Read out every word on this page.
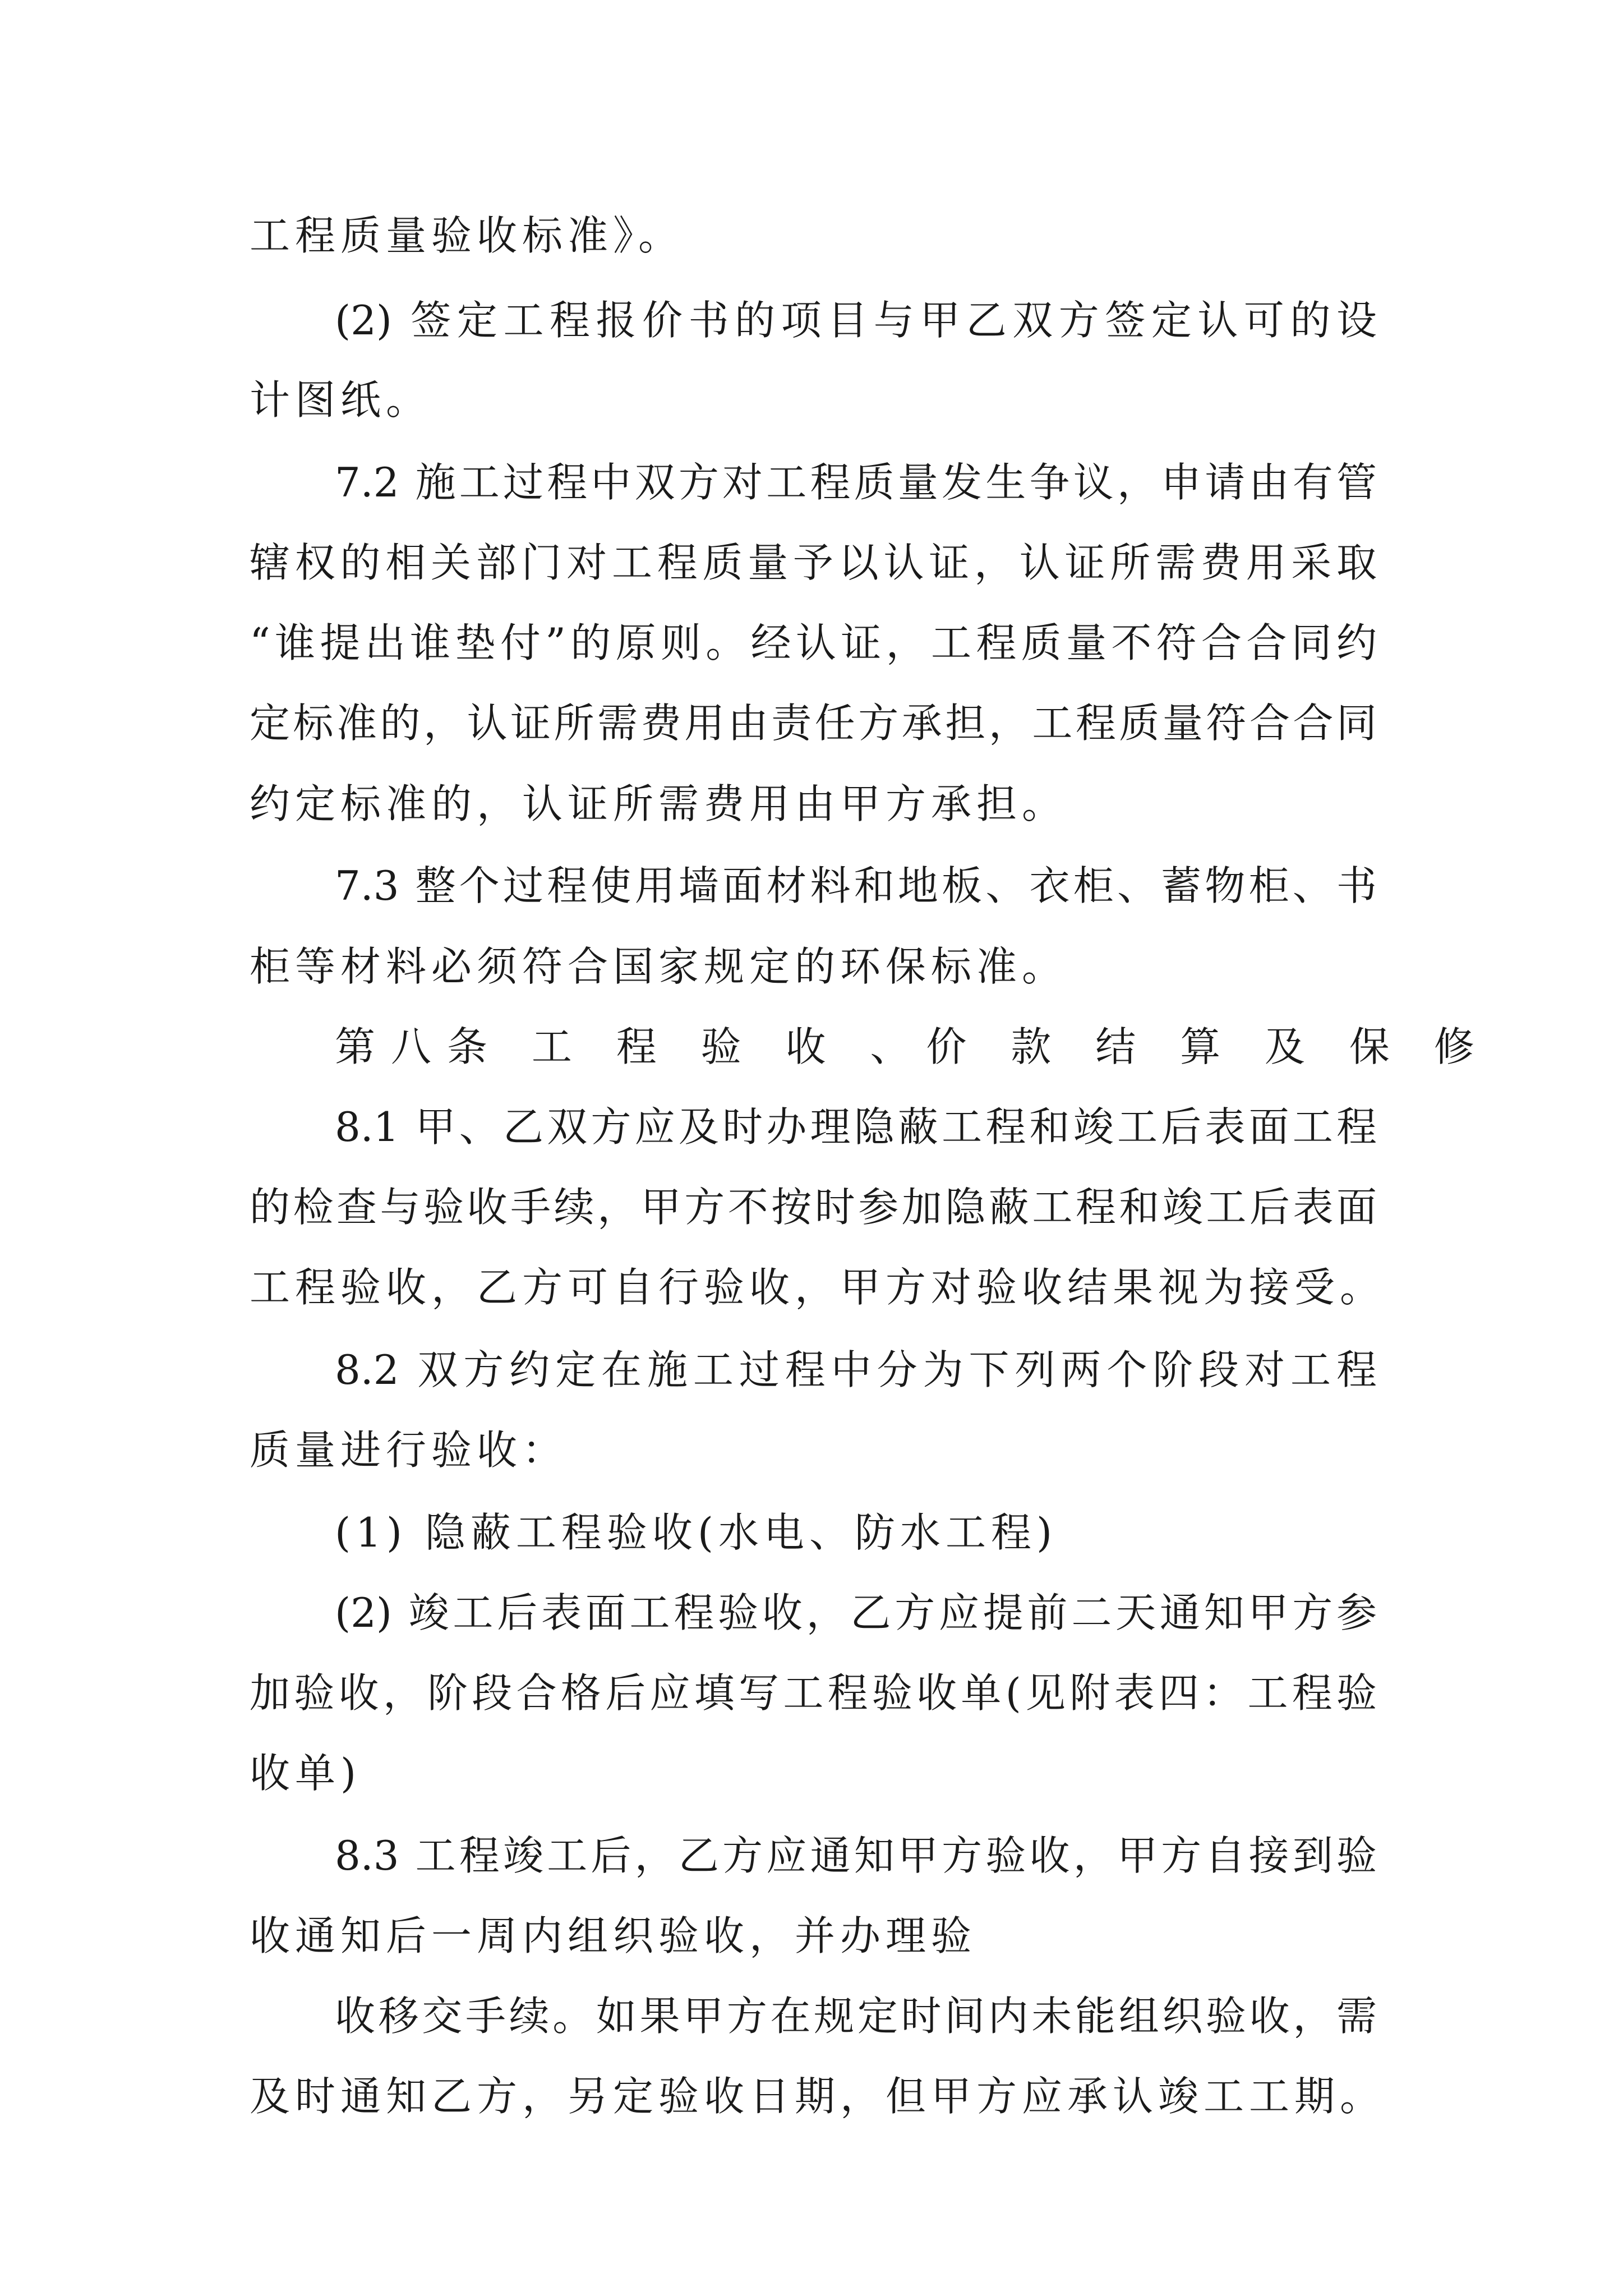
工程质量验收标准》。
(2) 签定工程报价书的项目与甲乙双方签定认可的设
计图纸。
7.2 施工过程中双方对工程质量发生争议，申请由有管
辖权的相关部门对工程质量予以认证，认证所需费用采取
“谁提出谁垫付”的原则。经认证，工程质量不符合合同约
定标准的，认证所需费用由责任方承担，工程质量符合合同
约定标准的，认证所需费用由甲方承担。
7.3 整个过程使用墙面材料和地板、衣柜、蓄物柜、书
柜等材料必须符合国家规定的环保标准。
第八条 工 程 验 收 、价 款 结 算 及 保 修
8.1 甲、乙双方应及时办理隐蔽工程和竣工后表面工程
的检查与验收手续，甲方不按时参加隐蔽工程和竣工后表面
工程验收，乙方可自行验收，甲方对验收结果视为接受。
8.2 双方约定在施工过程中分为下列两个阶段对工程
质量进行验收：
(1) 隐蔽工程验收(水电、防水工程)
(2) 竣工后表面工程验收，乙方应提前二天通知甲方参
加验收，阶段合格后应填写工程验收单(见附表四：工程验
收单)
8.3 工程竣工后，乙方应通知甲方验收，甲方自接到验
收通知后一周内组织验收，并办理验
收移交手续。如果甲方在规定时间内未能组织验收，需
及时通知乙方，另定验收日期，但甲方应承认竣工工期。
